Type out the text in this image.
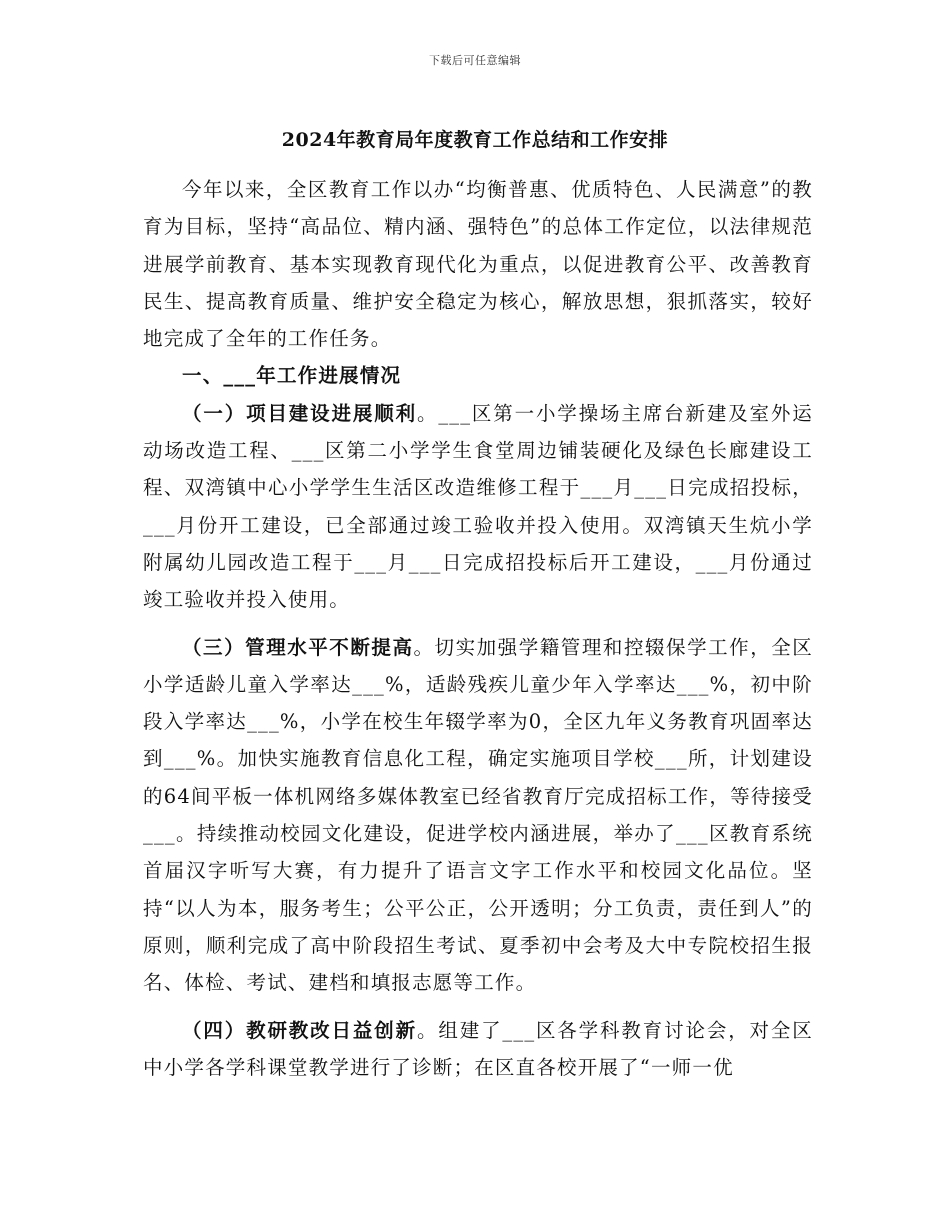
下载后可任意编辑
2024年教育局年度教育工作总结和工作安排

今年以来，全区教育工作以办“均衡普惠、优质特色、人民满意”的教育为目标，坚持“高品位、精内涵、强特色”的总体工作定位，以法律规范进展学前教育、基本实现教育现代化为重点，以促进教育公平、改善教育民生、提高教育质量、维护安全稳定为核心，解放思想，狠抓落实，较好地完成了全年的工作任务。

一、___年工作进展情况

（一）项目建设进展顺利。___区第一小学操场主席台新建及室外运动场改造工程、___区第二小学学生食堂周边铺装硬化及绿色长廊建设工程、双湾镇中心小学学生生活区改造维修工程于___月___日完成招投标，___月份开工建设，已全部通过竣工验收并投入使用。双湾镇天生炕小学附属幼儿园改造工程于___月___日完成招投标后开工建设，___月份通过竣工验收并投入使用。

（三）管理水平不断提高。切实加强学籍管理和控辍保学工作，全区小学适龄儿童入学率达___%，适龄残疾儿童少年入学率达___%，初中阶段入学率达___%，小学在校生年辍学率为0，全区九年义务教育巩固率达到___%。加快实施教育信息化工程，确定实施项目学校___所，计划建设的64间平板一体机网络多媒体教室已经省教育厅完成招标工作，等待接受___。持续推动校园文化建设，促进学校内涵进展，举办了___区教育系统首届汉字听写大赛，有力提升了语言文字工作水平和校园文化品位。坚持“以人为本，服务考生；公平公正，公开透明；分工负责，责任到人”的原则，顺利完成了高中阶段招生考试、夏季初中会考及大中专院校招生报名、体检、考试、建档和填报志愿等工作。

（四）教研教改日益创新。组建了___区各学科教育讨论会，对全区中小学各学科课堂教学进行了诊断；在区直各校开展了“一师一优
